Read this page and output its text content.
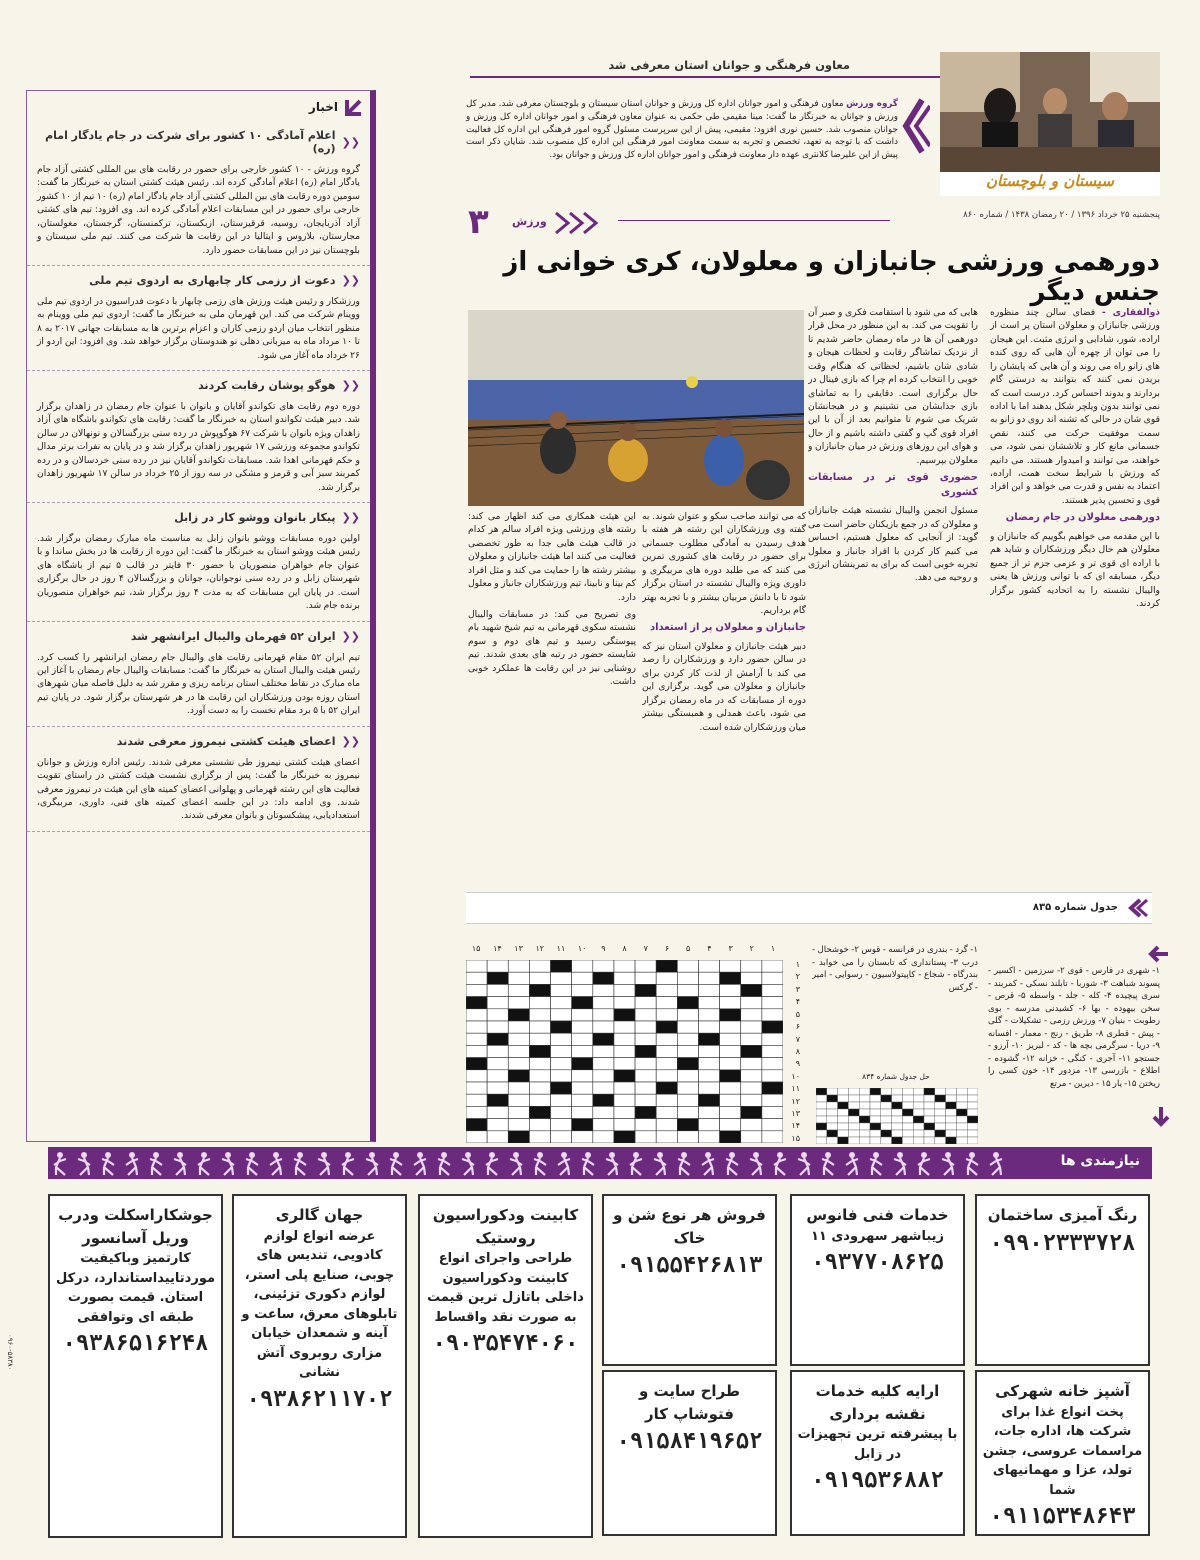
معاون فرهنگی و جوانان استان معرفی شد
سیستان و بلوچستان
پنجشنبه ۲۵ خرداد ۱۳۹۶ / ۲۰ رمضان ۱۴۳۸ / شماره ۸۶۰
گروه ورزش معاون فرهنگی و امور جوانان اداره کل ورزش و جوانان استان سیستان و بلوچستان معرفی شد. مدیر کل ورزش و جوانان به خبرنگار ما گفت: مینا مقیمی طی حکمی به عنوان معاون فرهنگی و امور جوانان اداره کل ورزش و جوانان منصوب شد. حسین نوری افزود: مقیمی، پیش از این سرپرست مسئول گروه امور فرهنگی این اداره کل فعالیت داشت که با توجه به تعهد، تخصص و تجربه به سمت معاونت امور فرهنگی این اداره کل منصوب شد. شایان ذکر است پیش از این علیرضا کلانتری عهده دار معاونت فرهنگی و امور جوانان اداره کل ورزش و جوانان بود.
۳ ورزش
دورهمی ورزشی جانبازان و معلولان، کری خوانی از جنس دیگر

ذوالفقاری - فضای سالن چند منظوره ورزشی جانبازان و معلولان استان پر است از اراده، شور، شادابی و انرژی مثبت. این هیجان را می توان از چهره آن هایی که روی کنده های زانو راه می روند و آن هایی که پایشان را بریدن نمی کنند که بتوانند به درستی گام بردارند و بدوند احساس کرد. درست است که نمی توانند بدون ویلچر شکل بدهند اما با اداده قوی شان در حالی که تشنه اند روی دو زانو به سمت موفقیت حرکت می کنند، نقص جسمانی مانع کار و تلاششان نمی شود، می خواهند، می توانند و امیدوار هستند. می دانیم که ورزش با شرایط سخت همت، اراده، اعتماد به نفس و قدرت می خواهد و این افراد قوی و تحسین پذیر هستند.

دورهمی معلولان در جام رمضان

با این مقدمه می خواهیم بگوییم که جانبازان و معلولان هم حال دیگر ورزشکاران و شاید هم با اراده ای قوی تر و عزمی جزم تر از جمیع دیگر، مسابقه ای که با توانی ورزش ها یعنی والیبال نشسته را به اتحادیه کشور برگزار کردند.

هایی که می شود با استقامت فکری و صبر آن را تقویت می کند. به این منظور در محل قرار دورهمی آن ها در ماه رمضان حاضر شدیم تا از نزدیک تماشاگر رقابت و لحظات هیجان و شادی شان باشیم، لحظاتی که هنگام وقت خوبی را انتخاب کرده ام چرا که بازی فینال در حال برگزاری است. دقایقی را به تماشای بازی جذابشان می نشینیم و در هیجانشان شریک می شوم تا متوانیم بعد از آن با این افراد قوی گپ و گفتی داشته باشیم و از حال و هوای این روزهای ورزش در میان جانبازان و معلولان بپرسیم.

حضوری قوی تر در مسابقات کشوری

مسئول انجمن والیبال نشسته هیئت جانبازان و معلولان که در جمع بازیکنان حاضر است می گوید: از آنجایی که معلول هستیم، احساس می کنیم کار کردن با افراد جانباز و معلول تجربه خوبی است که برای به تمرینشان انرژی و روحیه می دهد.

این هیئت همکاری می کند اظهار می کند: رشته های ورزشی ویژه افراد سالم هر کدام در قالب هیئت هایی جدا به طور تخصصی فعالیت می کنند اما هیئت جانبازان و معلولان بیشتر رشته ها را حمایت می کند و مثل افراد کم بینا و نابینا، تیم ورزشکاران جانباز و معلول دارد.

وی تصریح می کند: در مسابقات والیبال نشسته سکوی قهرمانی به تیم شیخ شهید بام پیوستگی رسید و تیم های دوم و سوم شایسته حضور در رتبه های بعدی شدند. تیم روشنایی نیز در این رقابت ها عملکرد خوبی داشت.

که می توانند صاحب سکو و عنوان شوند. به گفته وی ورزشکاران این رشته هر هفته با هدف رسیدن به آمادگی مطلوب جسمانی برای حضور در رقابت های کشوری تمرین می کنند که می طلبد دوره های مربیگری و داوری ویژه والیبال نشسته در استان برگزار شود تا با دانش مربیان بیشتر و با تجربه بهتر گام برداریم.

جانبازان و معلولان پر از استعداد

دبیر هیئت جانبازان و معلولان استان نیز که در سالن حضور دارد و ورزشکاران را رصد می کند با آرامش از لذت کار کردن برای جانبازان و معلولان می گوید. برگزاری این دوره از مسابقات که در ماه رمضان برگزار می شود، باعث همدلی و همبستگی بیشتر میان ورزشکاران شده است.

جدول شماره ۸۳۵
۱- شهری در فارس - قوی ۲- سرزمین - اکسیر - پسوند شباهت ۳- شوربا - تابلند نسکی - کمربند - سری پیچیده ۴- کله - جلد - واسطه ۵- قرص - سخن بیهوده - بها ۶- کشیدنی مدرسه - بوی رطوبت - بنیان ۷- ورزش رزمی - تشکیلات - گلی - پیش - قطری ۸- طریق - رنج - معمار - افسانه ۹- دریا - سرگرمی بچه ها - کد - لبریز ۱۰- آرزو - جستجو ۱۱- آجری - کنگی - خزانه ۱۲- گشوده - اطلاع - بازرسی ۱۳- مزدور ۱۴- خون کسی را ریختن ۱۵- یار ۱۵ - دیرین - مرتع
۱- گرد - بندری در فرانسه - قوس ۲- خوشحال - درب ۳- پستانداری که تابستان را می خوابد - بندرگاه - شجاع - کاپیتولاسیون - رسوایی - امیر - گرکس
حل جدول شماره ۸۳۴
۱
۲
۳
۴
۵
۶
۷
۸
۹
۱۰
۱۱
۱۲
۱۳
۱۴
۱۵
۱
۲
۳
۴
۵
۶
۷
۸
۹
۱۰
۱۱
۱۲
۱۳
۱۴
۱۵
اخبار
❮❮
اعلام آمادگی ۱۰ کشور برای شرکت در جام یادگار امام (ره)
گروه ورزش - ۱۰ کشور خارجی برای حضور در رقابت های بین المللی کشتی آزاد جام یادگار امام (ره) اعلام آمادگی کرده اند. رئیس هیئت کشتی استان به خبرنگار ما گفت: سومین دوره رقابت های بین المللی کشتی آزاد جام یادگار امام (ره) ۱۰ تیم از ۱۰ کشور خارجی برای حضور در این مسابقات اعلام آمادگی کرده اند. وی افزود: تیم های کشتی آزاد آذربایجان، روسیه، قرقیزستان، ازبکستان، ترکمنستان، گرجستان، مغولستان، مجارستان، بلاروس و ایتالیا در این رقابت ها شرکت می کنند. تیم ملی سیستان و بلوچستان نیز در این مسابقات حضور دارد.
❮❮
دعوت از رزمی کار چابهاری به اردوی تیم ملی
ورزشکار و رئیس هیئت ورزش های رزمی چابهار با دعوت فدراسیون در اردوی تیم ملی ووینام شرکت می کند. این قهرمان ملی به خبرنگار ما گفت: اردوی تیم ملی ووینام به منظور انتخاب میان اردو رزمی کاران و اعزام برترین ها به مسابقات جهانی ۲۰۱۷ به ۸ تا ۱۰ مرداد ماه به میزبانی دهلی نو هندوستان برگزار خواهد شد. وی افزود: این اردو از ۲۶ خرداد ماه آغاز می شود.
❮❮
هوگو پوشان رقابت کردند
دوره دوم رقابت های تکواندو آقایان و بانوان با عنوان جام رمضان در زاهدان برگزار شد. دبیر هیئت تکواندو استان به خبرنگار ما گفت: رقابت های تکواندو باشگاه های آزاد زاهدان ویژه بانوان با شرکت ۶۷ هوگوپوش در رده سنی بزرگسالان و نونهالان در سالن تکواندو مجموعه ورزشی ۱۷ شهریور زاهدان برگزار شد و در پایان به نفرات برتر مدال و حکم قهرمانی اهدا شد. مسابقات تکواندو آقایان نیز در رده سنی خردسالان و در رده کمربند سبز آبی و قرمز و مشکی در سه روز از ۲۵ خرداد در سالن ۱۷ شهریور زاهدان برگزار شد.
❮❮
پیکار بانوان ووشو کار در زابل
اولین دوره مسابقات ووشو بانوان زابل به مناسبت ماه مبارک رمضان برگزار شد. رئیس هیئت ووشو استان به خبرنگار ما گفت: این دوره از رقابت ها در بخش ساندا و با عنوان جام خواهران منصوریان با حضور ۳۰ فایتر در قالب ۵ تیم از باشگاه های شهرستان زابل و در رده سنی نوجوانان، جوانان و بزرگسالان ۴ روز در حال برگزاری است. در پایان این مسابقات که به مدت ۴ روز برگزار شد، تیم خواهران منصوریان برنده جام شد.
❮❮
ایران ۵۲ قهرمان والیبال ایرانشهر شد
تیم ایران ۵۲ مقام قهرمانی رقابت های والیبال جام رمضان ایرانشهر را کسب کرد. رئیس هیئت والیبال استان به خبرنگار ما گفت: مسابقات والیبال جام رمضان با آغاز این ماه مبارک در نقاط مختلف استان برنامه ریزی و مقرر شد به دلیل فاصله میان شهرهای استان روزه بودن ورزشکاران این رقابت ها در هر شهرستان برگزار شود. در پایان تیم ایران ۵۲ با ۵ برد مقام نخست را به دست آورد.
❮❮
اعضای هیئت کشتی نیمروز معرفی شدند
اعضای هیئت کشتی نیمروز طی نشستی معرفی شدند. رئیس اداره ورزش و جوانان نیمروز به خبرنگار ما گفت: پس از برگزاری نشست هیئت کشتی در راستای تقویت فعالیت های این رشته قهرمانی و پهلوانی اعضای کمیته های این هیئت در نیمروز معرفی شدند. وی ادامه داد: در این جلسه اعضای کمیته های فنی، داوری، مربیگری، استعدادیابی، پیشکسوتان و بانوان معرفی شدند.
نیازمندی ها
رنگ آمیزی ساختمان
۰۹۹۰۲۳۳۳۷۲۸
خدمات فنی فانوس
زیباشهر سهرودی ۱۱
۰۹۳۷۷۰۸۶۲۵
فروش هر نوع شن و خاک
۰۹۱۵۵۴۲۶۸۱۳
کابینت ودکوراسیون روستیک
طراحی واجرای انواع کابینت ودکوراسیون داخلی باتازل ترین قیمت به صورت نقد واقساط
۰۹۰۳۵۴۷۴۰۶۰
جهان گالری
عرضه انواع لوازم کادویی، تندیس های چوبی، صنایع پلی استر، لوازم دکوری تزئینی، تابلوهای معرق، ساعت و آینه و شمعدان خیابان مزاری روبروی آتش نشانی
۰۹۳۸۶۲۱۱۷۰۲
جوشکاراسکلت ودرب وریل آسانسور
کارتمیز وباکیفیت موردتاییداستاندارد، درکل استان. قیمت بصورت طبقه ای وتوافقی
۰۹۳۸۶۵۱۶۲۴۸
آشپز خانه شهرکی
پخت انواع غذا برای شرکت ها، اداره جات، مراسمات عروسی، جشن تولد، عزا و مهمانیهای شما
۰۹۱۱۵۳۴۸۶۴۳
ارایه کلیه خدمات نقشه برداری
با پیشرفته ترین تجهیزات در زابل
۰۹۱۹۵۳۶۸۸۲
طراح سایت و فتوشاپ کار
۰۹۱۵۸۴۱۹۶۵۲
۰۹۶۰-۵۸۳۸۰
